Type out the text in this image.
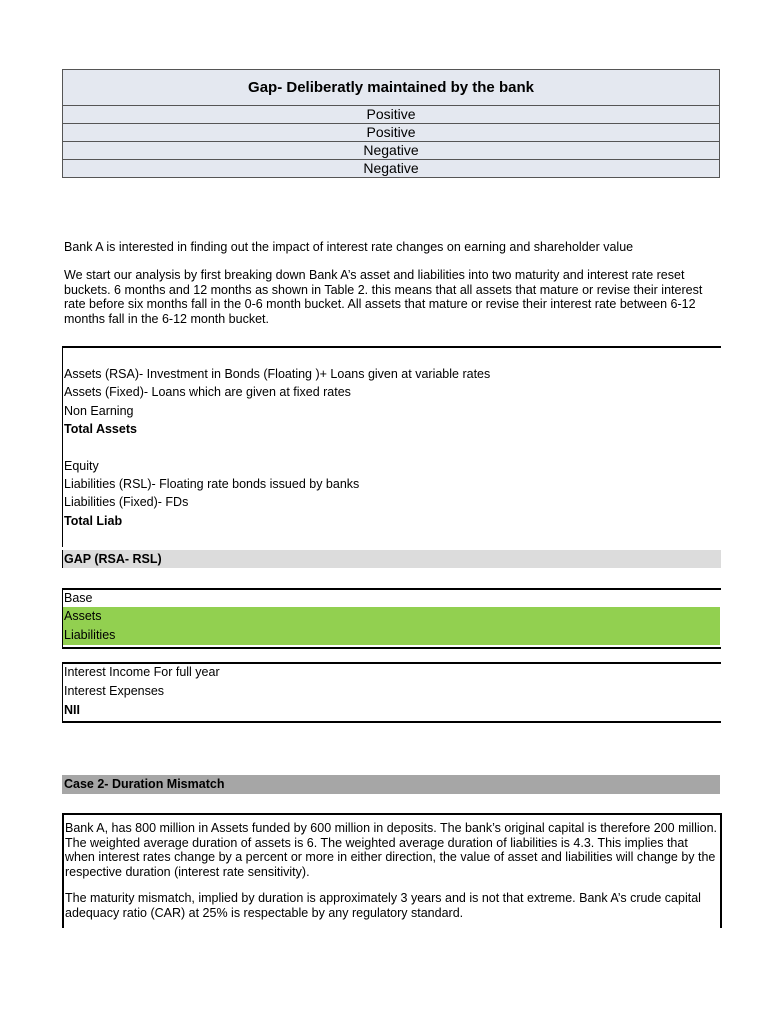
Gap- Deliberatly maintained by the bank
Positive
Positive
Negative
Negative
Bank A is interested in finding out the impact of interest rate changes on earning and shareholder value
We start our analysis by first breaking down Bank A’s asset and liabilities into two maturity and interest rate reset buckets. 6 months and 12 months as shown in Table 2. this means that all assets that mature or revise their interest rate before six months fall in the 0-6 month bucket. All assets that mature or revise their interest rate between 6-12 months fall in the 6-12 month bucket.
Assets (RSA)- Investment in Bonds (Floating )+ Loans given at variable rates
Assets (Fixed)- Loans which are given at fixed rates
Non Earning
Total Assets
Equity
Liabilities (RSL)- Floating rate bonds issued by banks
Liabilities (Fixed)- FDs
Total Liab
GAP (RSA- RSL)
Base
Assets
Liabilities
Interest Income For full year
Interest Expenses
NII
Case 2- Duration Mismatch
Bank A, has 800 million in Assets funded by 600 million in deposits. The bank’s original capital is therefore 200 million. The weighted average duration of assets is 6. The weighted average duration of liabilities is 4.3. This implies that when interest rates change by a percent or more in either direction, the value of asset and liabilities will change by the respective duration (interest rate sensitivity).
The maturity mismatch, implied by duration is approximately 3 years and is not that extreme. Bank A’s crude capital adequacy ratio (CAR) at 25% is respectable by any regulatory standard.
